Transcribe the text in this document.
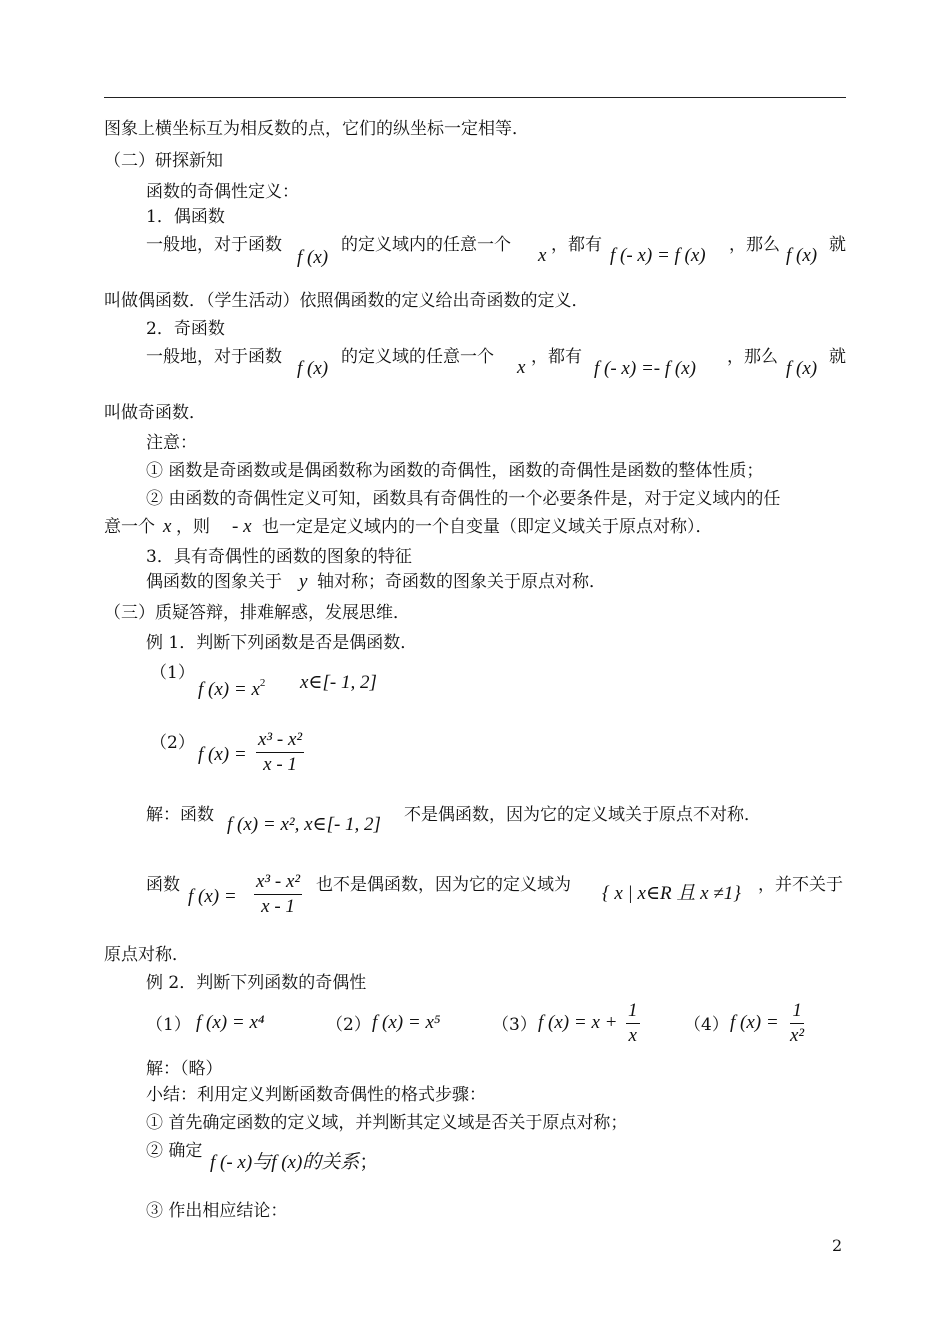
图象上横坐标互为相反数的点，它们的纵坐标一定相等．
（二）研探新知
函数的奇偶性定义：
1．偶函数
一般地，对于函数
f (x)
的定义域内的任意一个 x ，都有 f (- x) = f (x) ，那么 f (x) 就
叫做偶函数．（学生活动）依照偶函数的定义给出奇函数的定义．
2．奇函数
一般地，对于函数
f (x)
的定义域的任意一个 x ，都有
f (- x) =- f (x)
，那么
f (x)
就
叫做奇函数．
注意：
① 函数是奇函数或是偶函数称为函数的奇偶性，函数的奇偶性是函数的整体性质；
② 由函数的奇偶性定义可知，函数具有奇偶性的一个必要条件是，对于定义域内的任
意一个 x ，则 - x 也一定是定义域内的一个自变量（即定义域关于原点对称）．
3．具有奇偶性的函数的图象的特征
偶函数的图象关于 y 轴对称；奇函数的图象关于原点对称．
（三）质疑答辩，排难解惑，发展思维．
例 1．判断下列函数是否是偶函数．
（1）
f $(x) = x^2$ x∈[- 1, 2]
（2）
f $(x) = \frac{\text{x³ - x²}}{x - 1}$
解：函数 f (x) = x², x∈[- 1, 2] 不是偶函数，因为它的定义域关于原点不对称．
函数
f $(x) = \frac{\text{x³ - x²}}{x - 1}$ 也不是偶函数，因为它的定义域为 { x | x∈R 且 x ≠1} ，并不关于
原点对称．
例 2．判断下列函数的奇偶性
（1） f (x) = x⁴	（2） f (x) = x⁵	（3） f $(x) = x + \frac{1}{x}$	（4） f $(x) = \frac{1}{\text{x²}}$
解：（略）
小结：利用定义判断函数奇偶性的格式步骤：
① 首先确定函数的定义域，并判断其定义域是否关于原点对称；
② 确定
f (- x)与f (x)的关系；
③ 作出相应结论：
2
